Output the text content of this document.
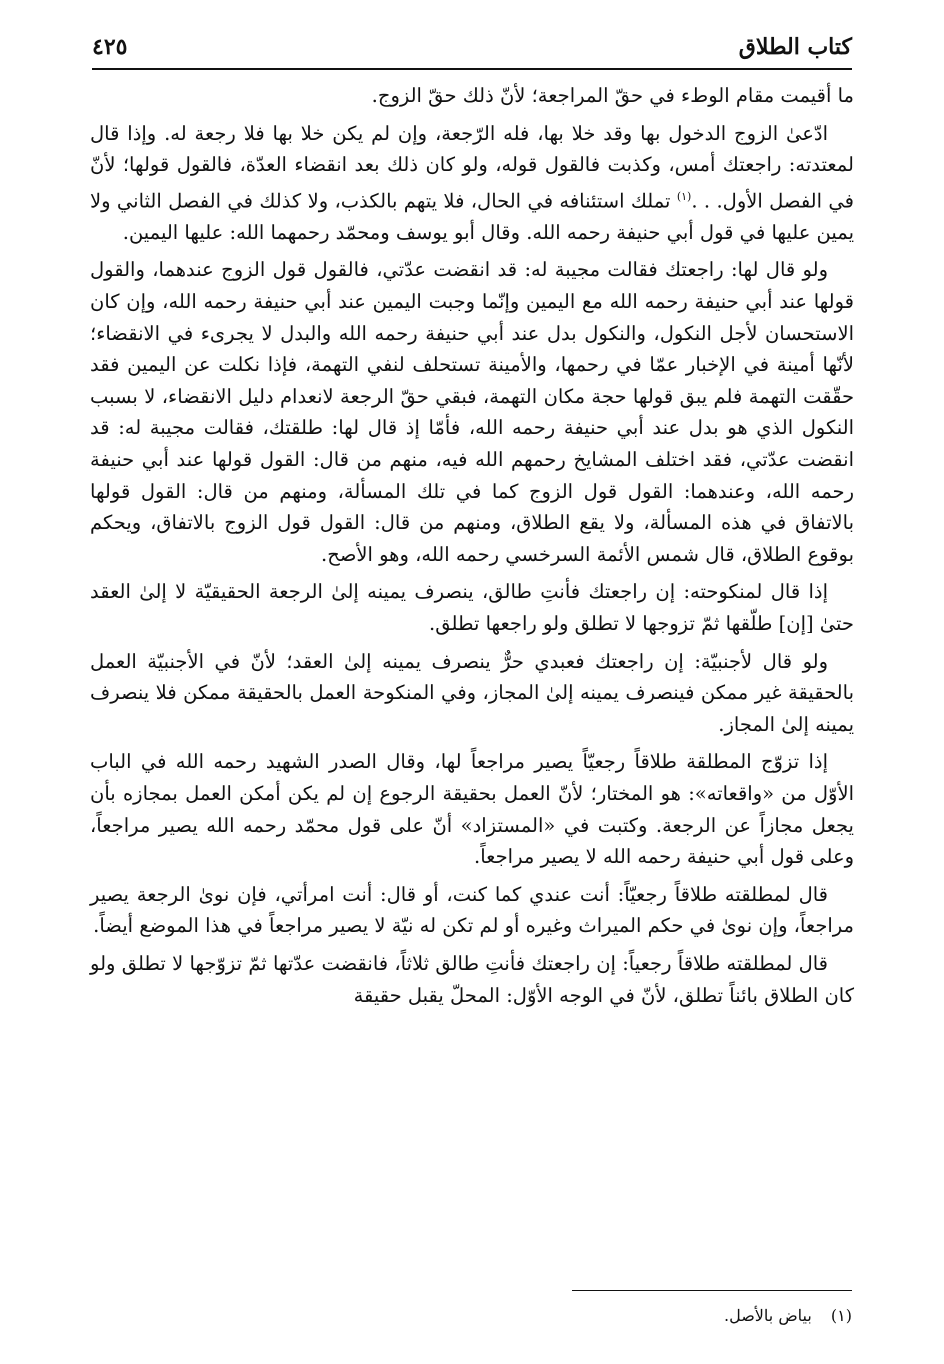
كتاب الطلاق
٤٢٥

ما أقيمت مقام الوطء في حقّ المراجعة؛ لأنّ ذلك حقّ الزوج.

ادّعىٰ الزوج الدخول بها وقد خلا بها، فله الرّجعة، وإن لم يكن خلا بها فلا رجعة له. وإذا قال لمعتدته: راجعتك أمس، وكذبت فالقول قوله، ولو كان ذلك بعد انقضاء العدّة، فالقول قولها؛ لأنّ في الفصل الأول. . .$^{(١)}$ تملك استئنافه في الحال، فلا يتهم بالكذب، ولا كذلك في الفصل الثاني ولا يمين عليها في قول أبي حنيفة رحمه الله. وقال أبو يوسف ومحمّد رحمهما الله: عليها اليمين.

ولو قال لها: راجعتك فقالت مجيبة له: قد انقضت عدّتي، فالقول قول الزوج عندهما، والقول قولها عند أبي حنيفة رحمه الله مع اليمين وإنّما وجبت اليمين عند أبي حنيفة رحمه الله، وإن كان الاستحسان لأجل النكول، والنكول بدل عند أبي حنيفة رحمه الله والبدل لا يجرىء في الانقضاء؛ لأنّها أمينة في الإخبار عمّا في رحمها، والأمينة تستحلف لنفي التهمة، فإذا نكلت عن اليمين فقد حقّقت التهمة فلم يبق قولها حجة مكان التهمة، فبقي حقّ الرجعة لانعدام دليل الانقضاء، لا بسبب النكول الذي هو بدل عند أبي حنيفة رحمه الله، فأمّا إذ قال لها: طلقتك، فقالت مجيبة له: قد انقضت عدّتي، فقد اختلف المشايخ رحمهم الله فيه، منهم من قال: القول قولها عند أبي حنيفة رحمه الله، وعندهما: القول قول الزوج كما في تلك المسألة، ومنهم من قال: القول قولها بالاتفاق في هذه المسألة، ولا يقع الطلاق، ومنهم من قال: القول قول الزوج بالاتفاق، ويحكم بوقوع الطلاق، قال شمس الأئمة السرخسي رحمه الله، وهو الأصح.

إذا قال لمنكوحته: إن راجعتك فأنتِ طالق، ينصرف يمينه إلىٰ الرجعة الحقيقيّة لا إلىٰ العقد حتىٰ [إن] طلّقها ثمّ تزوجها لا تطلق ولو راجعها تطلق.

ولو قال لأجنبيّة: إن راجعتك فعبدي حرٌّ ينصرف يمينه إلىٰ العقد؛ لأنّ في الأجنبيّة العمل بالحقيقة غير ممكن فينصرف يمينه إلىٰ المجاز، وفي المنكوحة العمل بالحقيقة ممكن فلا ينصرف يمينه إلىٰ المجاز.

إذا تزوّج المطلقة طلاقاً رجعيّاً يصير مراجعاً لها، وقال الصدر الشهيد رحمه الله في الباب الأوّل من «واقعاته»: هو المختار؛ لأنّ العمل بحقيقة الرجوع إن لم يكن أمكن العمل بمجازه بأن يجعل مجازاً عن الرجعة. وكتبت في «المستزاد» أنّ على قول محمّد رحمه الله يصير مراجعاً، وعلى قول أبي حنيفة رحمه الله لا يصير مراجعاً.

قال لمطلقته طلاقاً رجعيّاً: أنت عندي كما كنت، أو قال: أنت امرأتي، فإن نوىٰ الرجعة يصير مراجعاً، وإن نوىٰ في حكم الميراث وغيره أو لم تكن له نيّة لا يصير مراجعاً في هذا الموضع أيضاً.

قال لمطلقته طلاقاً رجعياً: إن راجعتك فأنتِ طالق ثلاثاً، فانقضت عدّتها ثمّ تزوّجها لا تطلق ولو كان الطلاق بائناً تطلق، لأنّ في الوجه الأوّل: المحلّ يقبل حقيقة

(١) بياض بالأصل.
